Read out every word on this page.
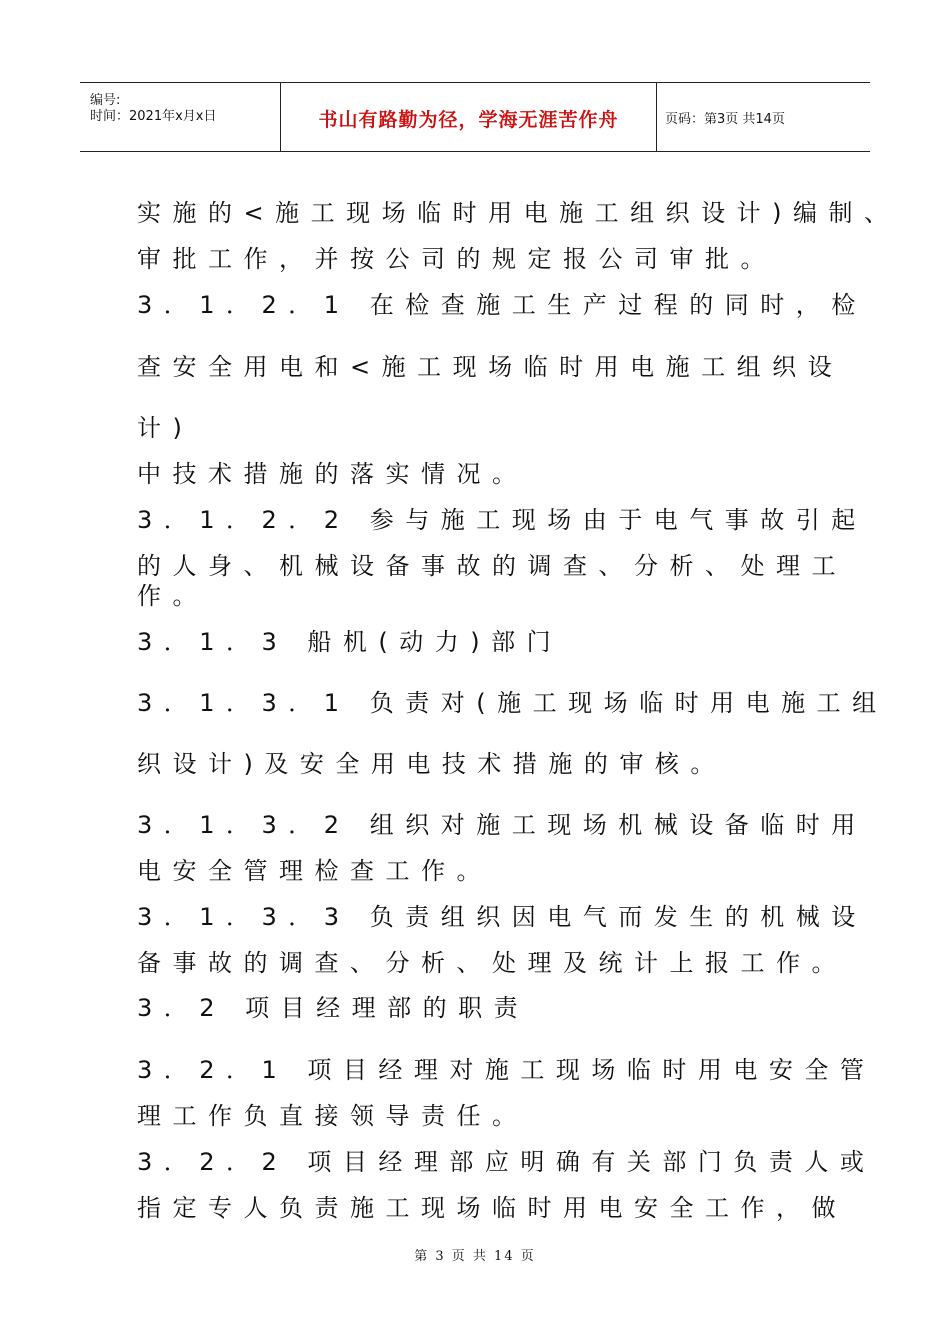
编号:
时间：2021年x月x日	书山有路勤为径，学海无涯苦作舟	页码：第3页 共14页
实施的<施工现场临时用电施工组织设计)编制、
审批工作，并按公司的规定报公司审批。
3．1．2．1 在检查施工生产过程的同时，检
查安全用电和<施工现场临时用电施工组织设
计)
中技术措施的落实情况。
3．1．2．2 参与施工现场由于电气事故引起
的人身、机械设备事故的调查、分析、处理工
作。
3．1．3 船机(动力)部门
3．1．3．1 负责对(施工现场临时用电施工组
织设计)及安全用电技术措施的审核。
3．1．3．2 组织对施工现场机械设备临时用
电安全管理检查工作。
3．1．3．3 负责组织因电气而发生的机械设
备事故的调查、分析、处理及统计上报工作。
3．2 项目经理部的职责
3．2．1 项目经理对施工现场临时用电安全管
理工作负直接领导责任。
3．2．2 项目经理部应明确有关部门负责人或
指定专人负责施工现场临时用电安全工作，做
第 3 页 共 14 页
